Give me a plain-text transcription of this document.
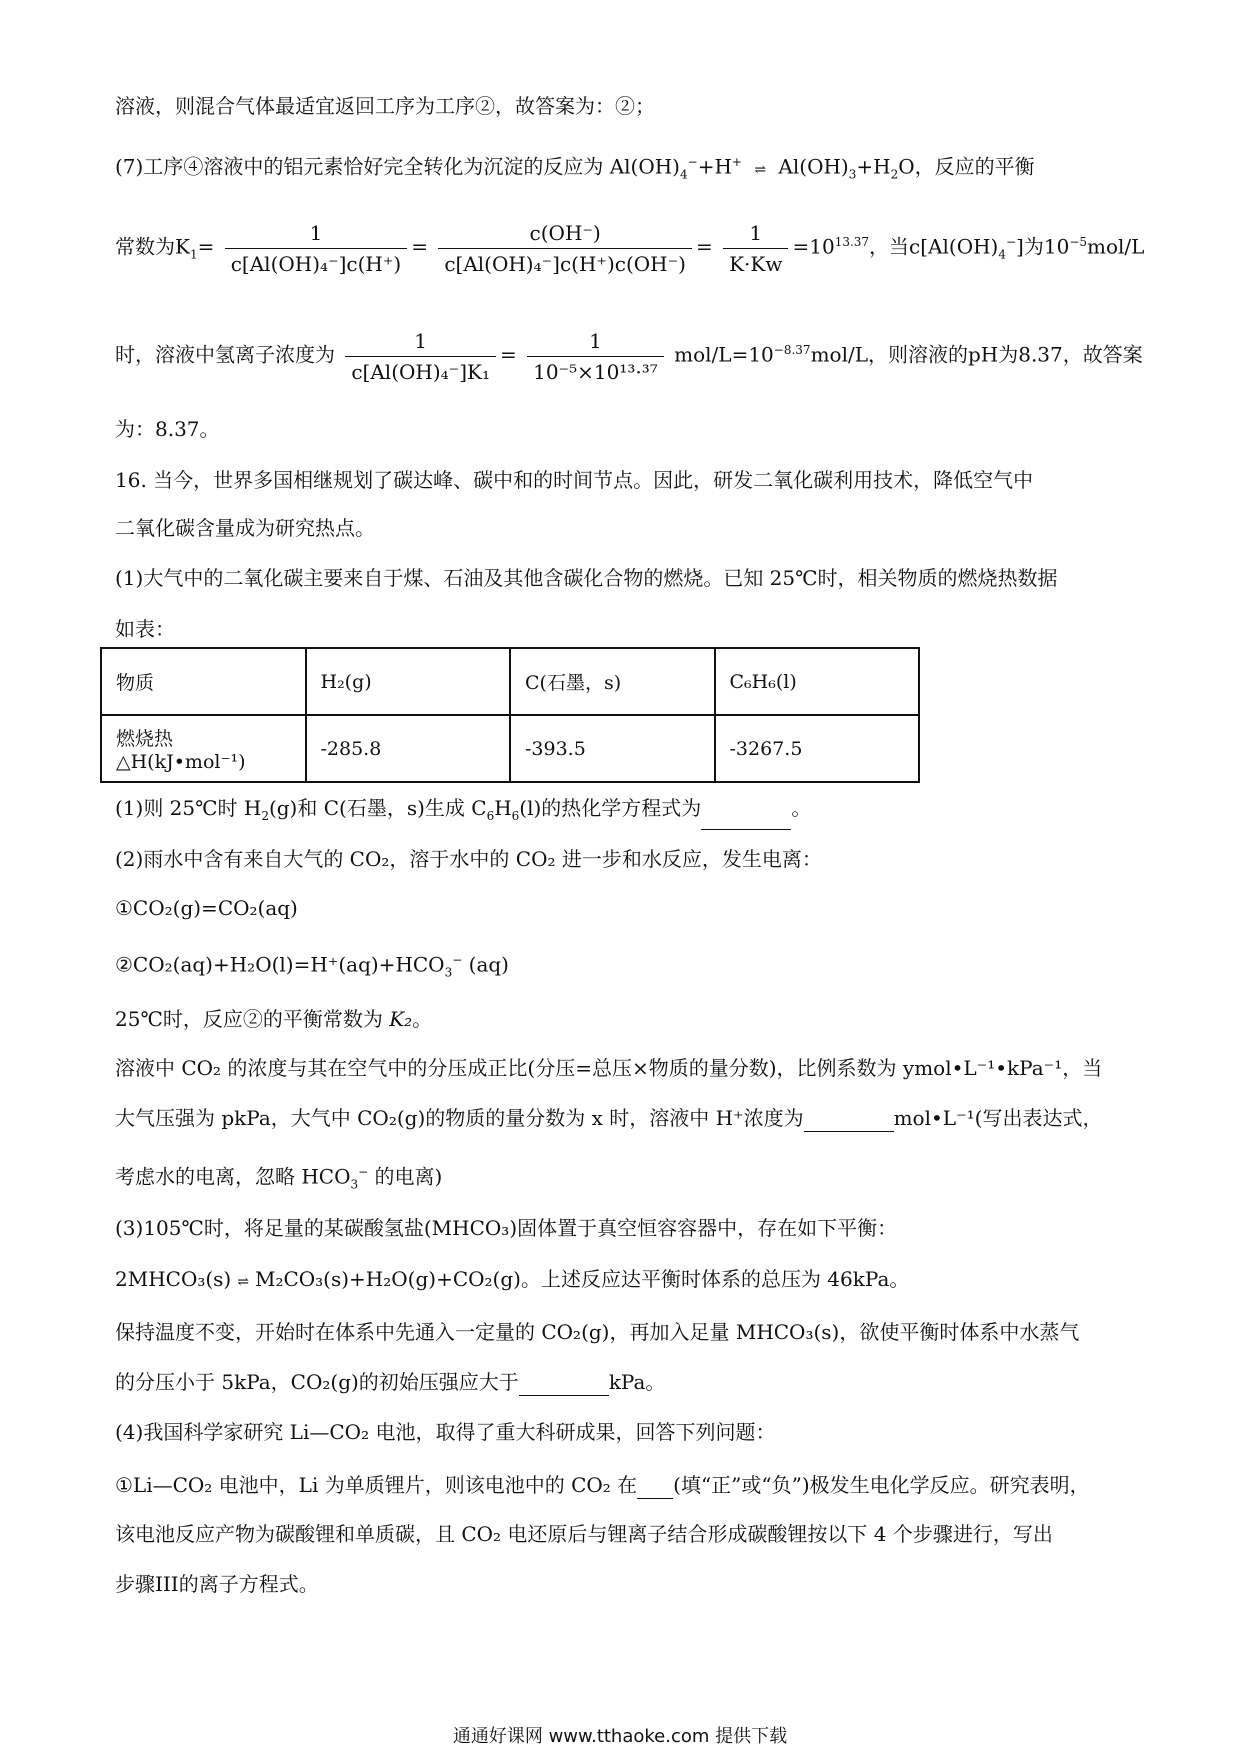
溶液，则混合气体最适宜返回工序为工序②，故答案为：②；
(7)工序④溶液中的铝元素恰好完全转化为沉淀的反应为 $Al(OH)_4^-+H^+$ ⇌ $Al(OH)_3+H_2O$，反应的平衡
常数为$K_1= \frac{1}{\text{c[Al(OH)₄⁻]c(H⁺)}} = \frac{c(OH^-)}{\text{c[Al(OH)₄⁻]c(H⁺)c(OH⁻)}} = \frac{1}{K\cdot Kw} =10^{13.37}$，当$c[Al(OH)_4^-]$为$10^{-5}mol/L$
时，溶液中氢离子浓度为 $\frac{1}{\text{c[Al(OH)₄⁻]K₁}} = \frac{1}{\text{10⁻⁵×10¹³·³⁷}} mol/L=10^{-8.37}mol/L$，则溶液的pH为8.37，故答案
为：8.37。
16. 当今，世界多国相继规划了碳达峰、碳中和的时间节点。因此，研发二氧化碳利用技术，降低空气中
二氧化碳含量成为研究热点。
(1)大气中的二氧化碳主要来自于煤、石油及其他含碳化合物的燃烧。已知 25℃时，相关物质的燃烧热数据
如表：
物质	H₂(g)	C(石墨，s)	C₆H₆(l)
燃烧热△H(kJ•mol⁻¹)	-285.8	-393.5	-3267.5
(1)则 25℃时 $H_2(g)$和 C(石墨，s)生成 $C_6H_6(l)$的热化学方程式为	。
(2)雨水中含有来自大气的 CO₂，溶于水中的 CO₂ 进一步和水反应，发生电离：
①CO₂(g)=CO₂(aq)
$②CO_2(aq)+H_2O(l)=H^+(aq)+HCO_3^-$ (aq)
25℃时，反应②的平衡常数为 K₂。
溶液中 CO₂ 的浓度与其在空气中的分压成正比(分压=总压×物质的量分数)，比例系数为 ymol•L⁻¹•kPa⁻¹，当
大气压强为 pkPa，大气中 CO₂(g)的物质的量分数为 x 时，溶液中 H⁺浓度为	mol•L⁻¹(写出表达式，
考虑水的电离，忽略 $HCO_3^-$ 的电离)
(3)105℃时，将足量的某碳酸氢盐(MHCO₃)固体置于真空恒容容器中，存在如下平衡：
2MHCO₃(s) ⇌ M₂CO₃(s)+H₂O(g)+CO₂(g)。上述反应达平衡时体系的总压为 46kPa。
保持温度不变，开始时在体系中先通入一定量的 CO₂(g)，再加入足量 MHCO₃(s)，欲使平衡时体系中水蒸气
的分压小于 5kPa，CO₂(g)的初始压强应大于	kPa。
(4)我国科学家研究 Li—CO₂ 电池，取得了重大科研成果，回答下列问题：
①Li—CO₂ 电池中，Li 为单质锂片，则该电池中的 CO₂ 在 (填“正”或“负”)极发生电化学反应。研究表明，
该电池反应产物为碳酸锂和单质碳，且 CO₂ 电还原后与锂离子结合形成碳酸锂按以下 4 个步骤进行，写出
步骤III的离子方程式。
通通好课网 www.tthaoke.com 提供下载
